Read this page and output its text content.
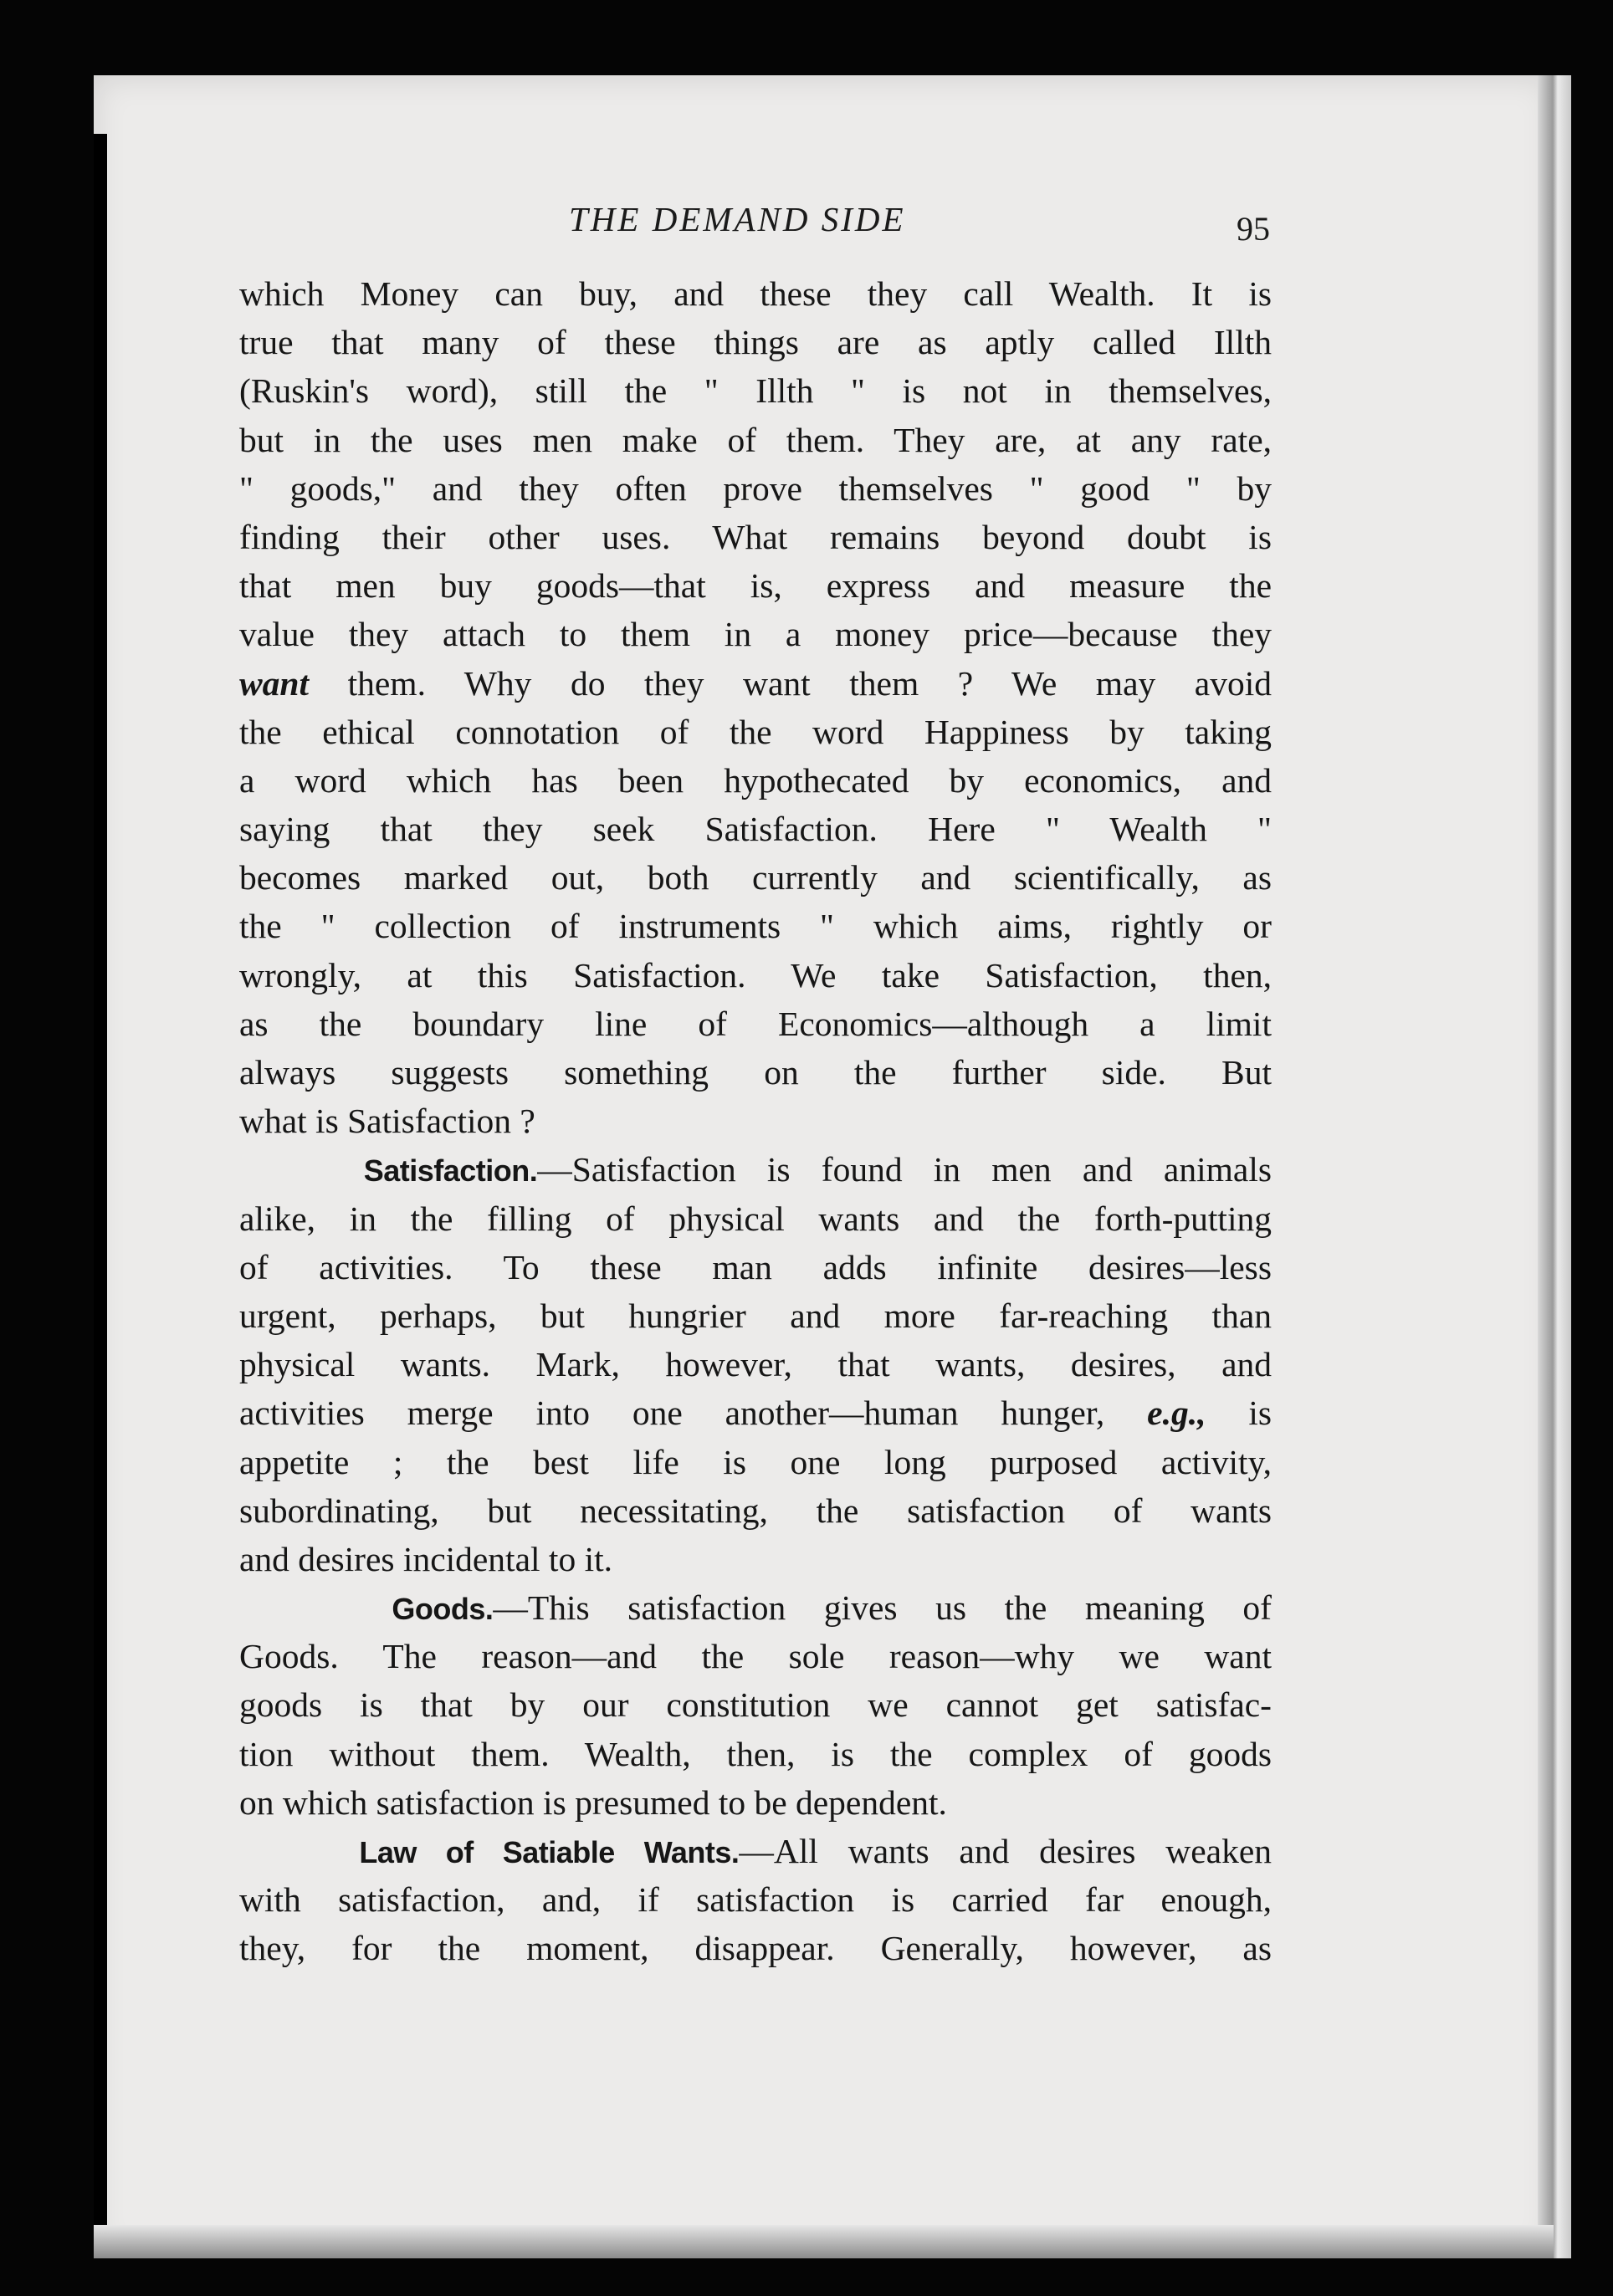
THE DEMAND SIDE	95
which Money can buy, and these they call Wealth. It is
true that many of these things are as aptly called Illth
(Ruskin's word), still the " Illth " is not in themselves,
but in the uses men make of them. They are, at any rate,
" goods," and they often prove themselves " good " by
finding their other uses. What remains beyond doubt is
that men buy goods—that is, express and measure the
value they attach to them in a money price—because they
want them. Why do they want them ? We may avoid
the ethical connotation of the word Happiness by taking
a word which has been hypothecated by economics, and
saying that they seek Satisfaction. Here " Wealth "
becomes marked out, both currently and scientifically, as
the " collection of instruments " which aims, rightly or
wrongly, at this Satisfaction. We take Satisfaction, then,
as the boundary line of Economics—although a limit
always suggests something on the further side. But
what is Satisfaction ?
Satisfaction.—Satisfaction is found in men and animals
alike, in the filling of physical wants and the forth-putting
of activities. To these man adds infinite desires—less
urgent, perhaps, but hungrier and more far-reaching than
physical wants. Mark, however, that wants, desires, and
activities merge into one another—human hunger, e.g., is
appetite ; the best life is one long purposed activity,
subordinating, but necessitating, the satisfaction of wants
and desires incidental to it.
Goods.—This satisfaction gives us the meaning of
Goods. The reason—and the sole reason—why we want
goods is that by our constitution we cannot get satisfac-
tion without them. Wealth, then, is the complex of goods
on which satisfaction is presumed to be dependent.
Law of Satiable Wants.—All wants and desires weaken
with satisfaction, and, if satisfaction is carried far enough,
they, for the moment, disappear. Generally, however, as
